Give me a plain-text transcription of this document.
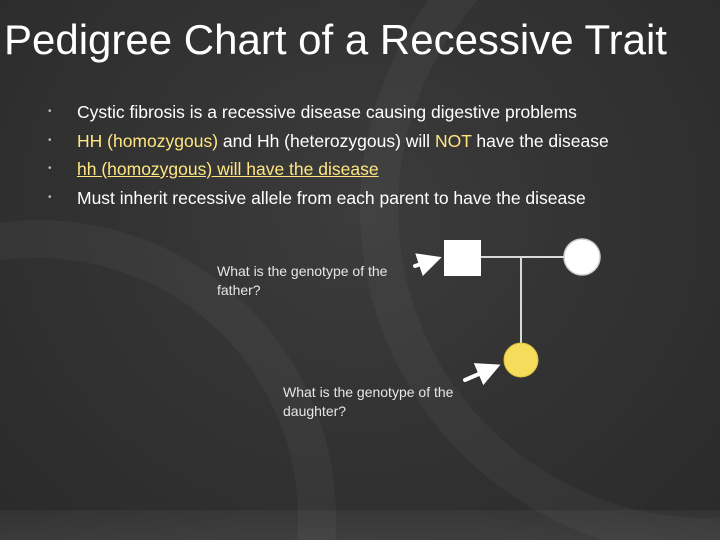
Pedigree Chart of a Recessive Trait
• Cystic fibrosis is a recessive disease causing digestive problems
• HH (homozygous) and Hh (heterozygous) will NOT have the disease
• hh (homozygous) will have the disease
• Must inherit recessive allele from each parent to have the disease

What is the genotype of the father?

What is the genotype of the daughter?
